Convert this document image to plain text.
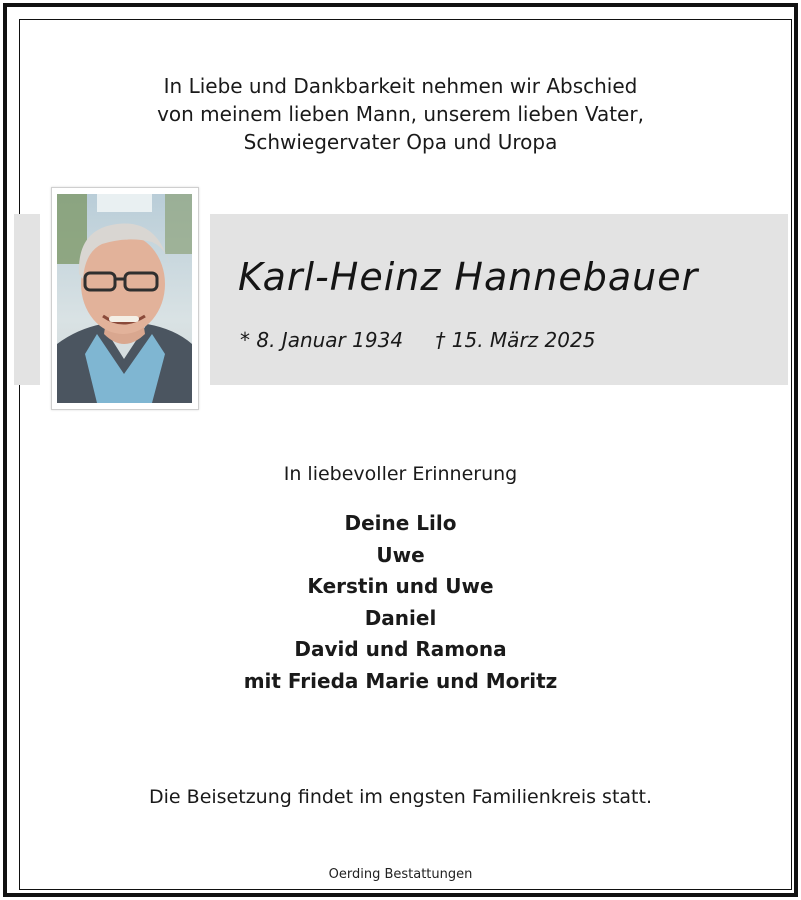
In Liebe und Dankbarkeit nehmen wir Abschied
von meinem lieben Mann, unserem lieben Vater,
Schwiegervater Opa und Uropa
Karl-Heinz Hannebauer
* 8. Januar 1934 † 15. März 2025
In liebevoller Erinnerung
Deine Lilo
Uwe
Kerstin und Uwe
Daniel
David und Ramona
mit Frieda Marie und Moritz
Die Beisetzung findet im engsten Familienkreis statt.
Oerding Bestattungen
